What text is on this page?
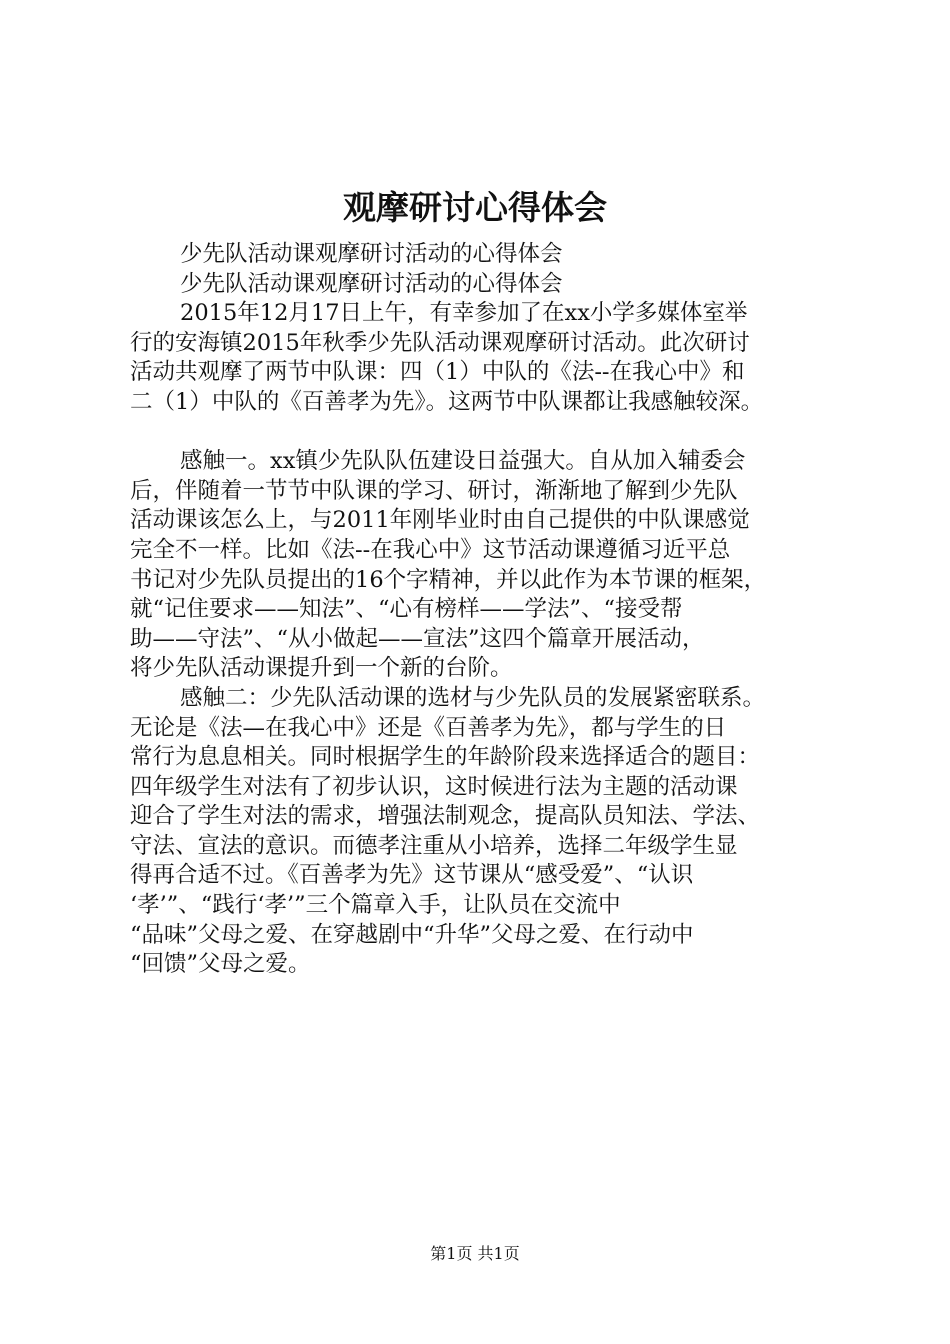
观摩研讨心得体会
少先队活动课观摩研讨活动的心得体会
少先队活动课观摩研讨活动的心得体会
2015年12月17日上午，有幸参加了在xx小学多媒体室举
行的安海镇2015年秋季少先队活动课观摩研讨活动。此次研讨
活动共观摩了两节中队课：四（1）中队的《法--在我心中》和
二（1）中队的《百善孝为先》。这两节中队课都让我感触较深。
感触一。xx镇少先队队伍建设日益强大。自从加入辅委会
后，伴随着一节节中队课的学习、研讨，渐渐地了解到少先队
活动课该怎么上，与2011年刚毕业时由自己提供的中队课感觉
完全不一样。比如《法--在我心中》这节活动课遵循习近平总
书记对少先队员提出的16个字精神，并以此作为本节课的框架，
就“记住要求——知法”、“心有榜样——学法”、“接受帮
助——守法”、“从小做起——宣法”这四个篇章开展活动，
将少先队活动课提升到一个新的台阶。
感触二：少先队活动课的选材与少先队员的发展紧密联系。
无论是《法—在我心中》还是《百善孝为先》，都与学生的日
常行为息息相关。同时根据学生的年龄阶段来选择适合的题目：
四年级学生对法有了初步认识，这时候进行法为主题的活动课
迎合了学生对法的需求，增强法制观念，提高队员知法、学法、
守法、宣法的意识。而德孝注重从小培养，选择二年级学生显
得再合适不过。《百善孝为先》这节课从“感受爱”、“认识
‘孝’”、“践行‘孝’”三个篇章入手，让队员在交流中
“品味”父母之爱、在穿越剧中“升华”父母之爱、在行动中
“回馈”父母之爱。
第1页 共1页
